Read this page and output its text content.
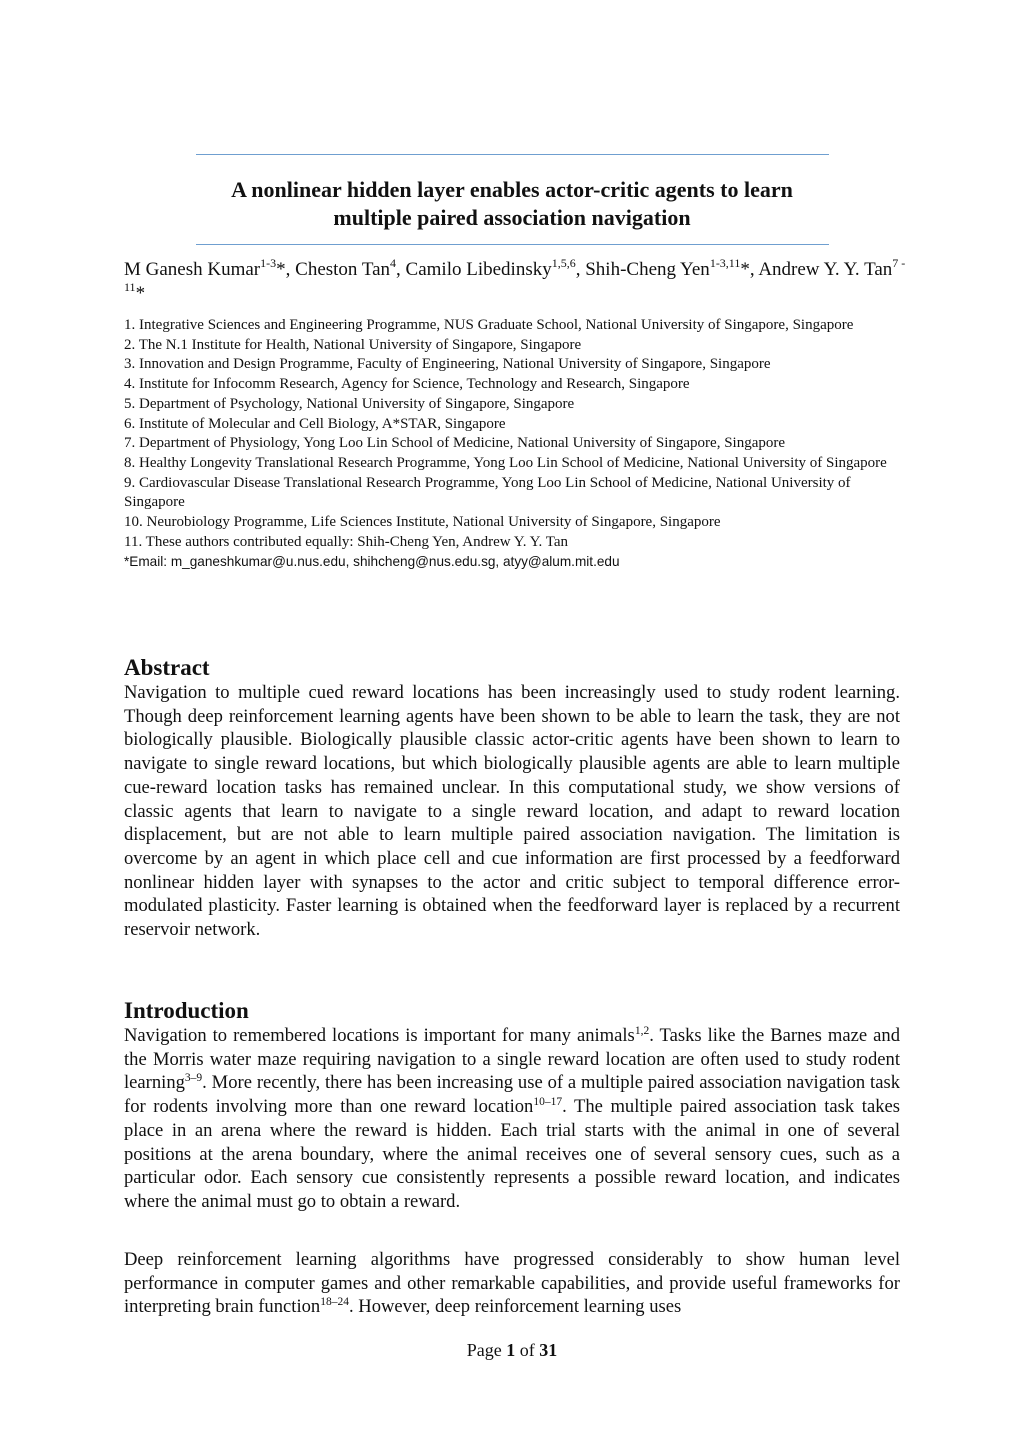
A nonlinear hidden layer enables actor-critic agents to learn
multiple paired association navigation
M Ganesh Kumar$^{1-3}$*, Cheston Tan$^4$, Camilo Libedinsky$^{1,5,6}$, Shih-Cheng Yen$^{1-3,11}$*, Andrew Y. Y. Tan$^{7 - 11}$*
1. Integrative Sciences and Engineering Programme, NUS Graduate School, National University of Singapore, Singapore
2. The N.1 Institute for Health, National University of Singapore, Singapore
3. Innovation and Design Programme, Faculty of Engineering, National University of Singapore, Singapore
4. Institute for Infocomm Research, Agency for Science, Technology and Research, Singapore
5. Department of Psychology, National University of Singapore, Singapore
6. Institute of Molecular and Cell Biology, A*STAR, Singapore
7. Department of Physiology, Yong Loo Lin School of Medicine, National University of Singapore, Singapore
8. Healthy Longevity Translational Research Programme, Yong Loo Lin School of Medicine, National University of Singapore
9. Cardiovascular Disease Translational Research Programme, Yong Loo Lin School of Medicine, National University of Singapore
10. Neurobiology Programme, Life Sciences Institute, National University of Singapore, Singapore
11. These authors contributed equally: Shih-Cheng Yen, Andrew Y. Y. Tan
*Email: m_ganeshkumar@u.nus.edu, shihcheng@nus.edu.sg, atyy@alum.mit.edu
Abstract

Navigation to multiple cued reward locations has been increasingly used to study rodent learning. Though deep reinforcement learning agents have been shown to be able to learn the task, they are not biologically plausible. Biologically plausible classic actor-critic agents have been shown to learn to navigate to single reward locations, but which biologically plausible agents are able to learn multiple cue-reward location tasks has remained unclear. In this computational study, we show versions of classic agents that learn to navigate to a single reward location, and adapt to reward location displacement, but are not able to learn multiple paired association navigation. The limitation is overcome by an agent in which place cell and cue information are first processed by a feedforward nonlinear hidden layer with synapses to the actor and critic subject to temporal difference error-modulated plasticity. Faster learning is obtained when the feedforward layer is replaced by a recurrent reservoir network.

Introduction

Navigation to remembered locations is important for many animals$^{1,2}$. Tasks like the Barnes maze and the Morris water maze requiring navigation to a single reward location are often used to study rodent learning$^{3-9}$. More recently, there has been increasing use of a multiple paired association navigation task for rodents involving more than one reward location$^{10-17}$. The multiple paired association task takes place in an arena where the reward is hidden. Each trial starts with the animal in one of several positions at the arena boundary, where the animal receives one of several sensory cues, such as a particular odor. Each sensory cue consistently represents a possible reward location, and indicates where the animal must go to obtain a reward.

Deep reinforcement learning algorithms have progressed considerably to show human level performance in computer games and other remarkable capabilities, and provide useful frameworks for interpreting brain function$^{18-24}$. However, deep reinforcement learning uses

Page 1 of 31
